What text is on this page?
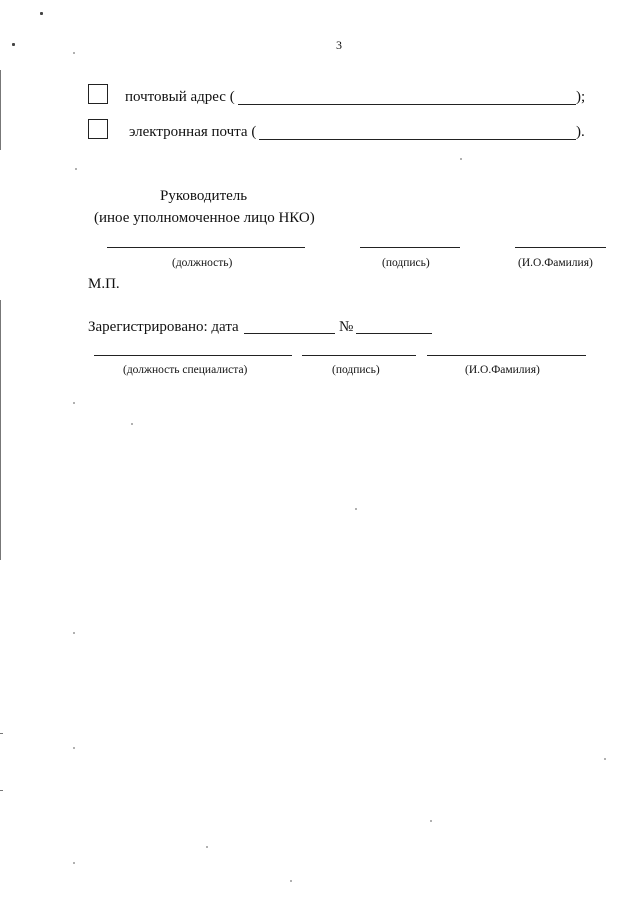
3
почтовый адрес (	);
электронная почта (	).
Руководитель
(иное уполномоченное лицо НКО)
(должность)	(подпись)	(И.О.Фамилия)
М.П.
Зарегистрировано: дата	№
(должность специалиста)	(подпись)	(И.О.Фамилия)
